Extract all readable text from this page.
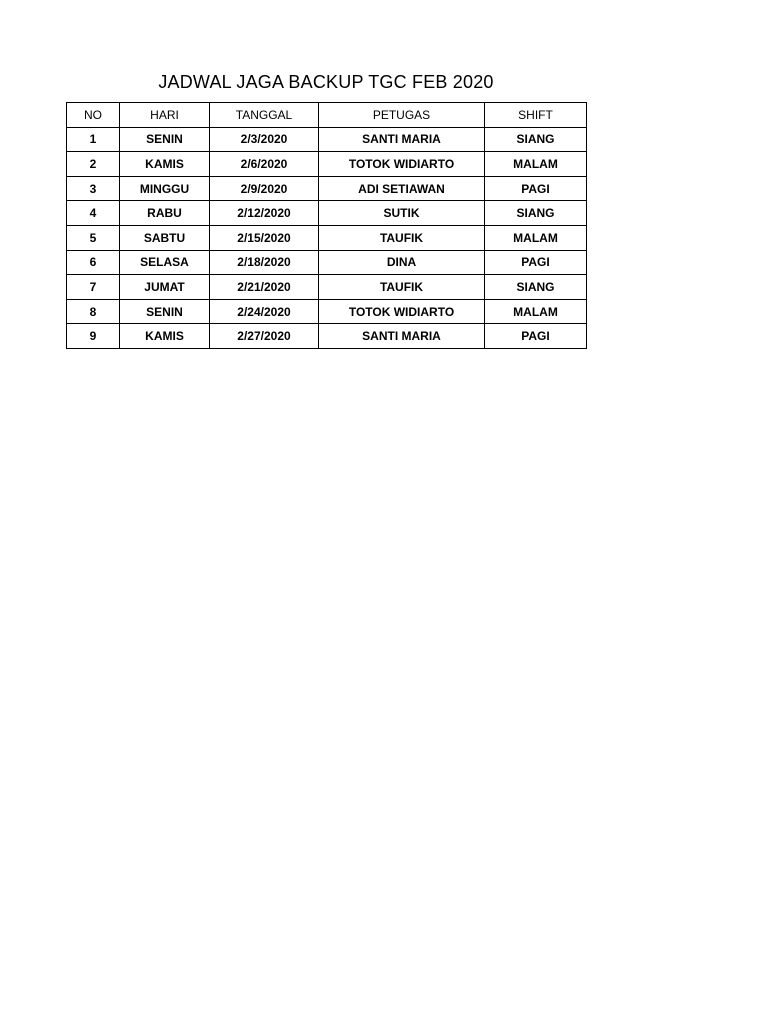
JADWAL JAGA BACKUP TGC FEB 2020
NO	HARI	TANGGAL	PETUGAS	SHIFT
1	SENIN	2/3/2020	SANTI MARIA	SIANG
2	KAMIS	2/6/2020	TOTOK WIDIARTO	MALAM
3	MINGGU	2/9/2020	ADI SETIAWAN	PAGI
4	RABU	2/12/2020	SUTIK	SIANG
5	SABTU	2/15/2020	TAUFIK	MALAM
6	SELASA	2/18/2020	DINA	PAGI
7	JUMAT	2/21/2020	TAUFIK	SIANG
8	SENIN	2/24/2020	TOTOK WIDIARTO	MALAM
9	KAMIS	2/27/2020	SANTI MARIA	PAGI
